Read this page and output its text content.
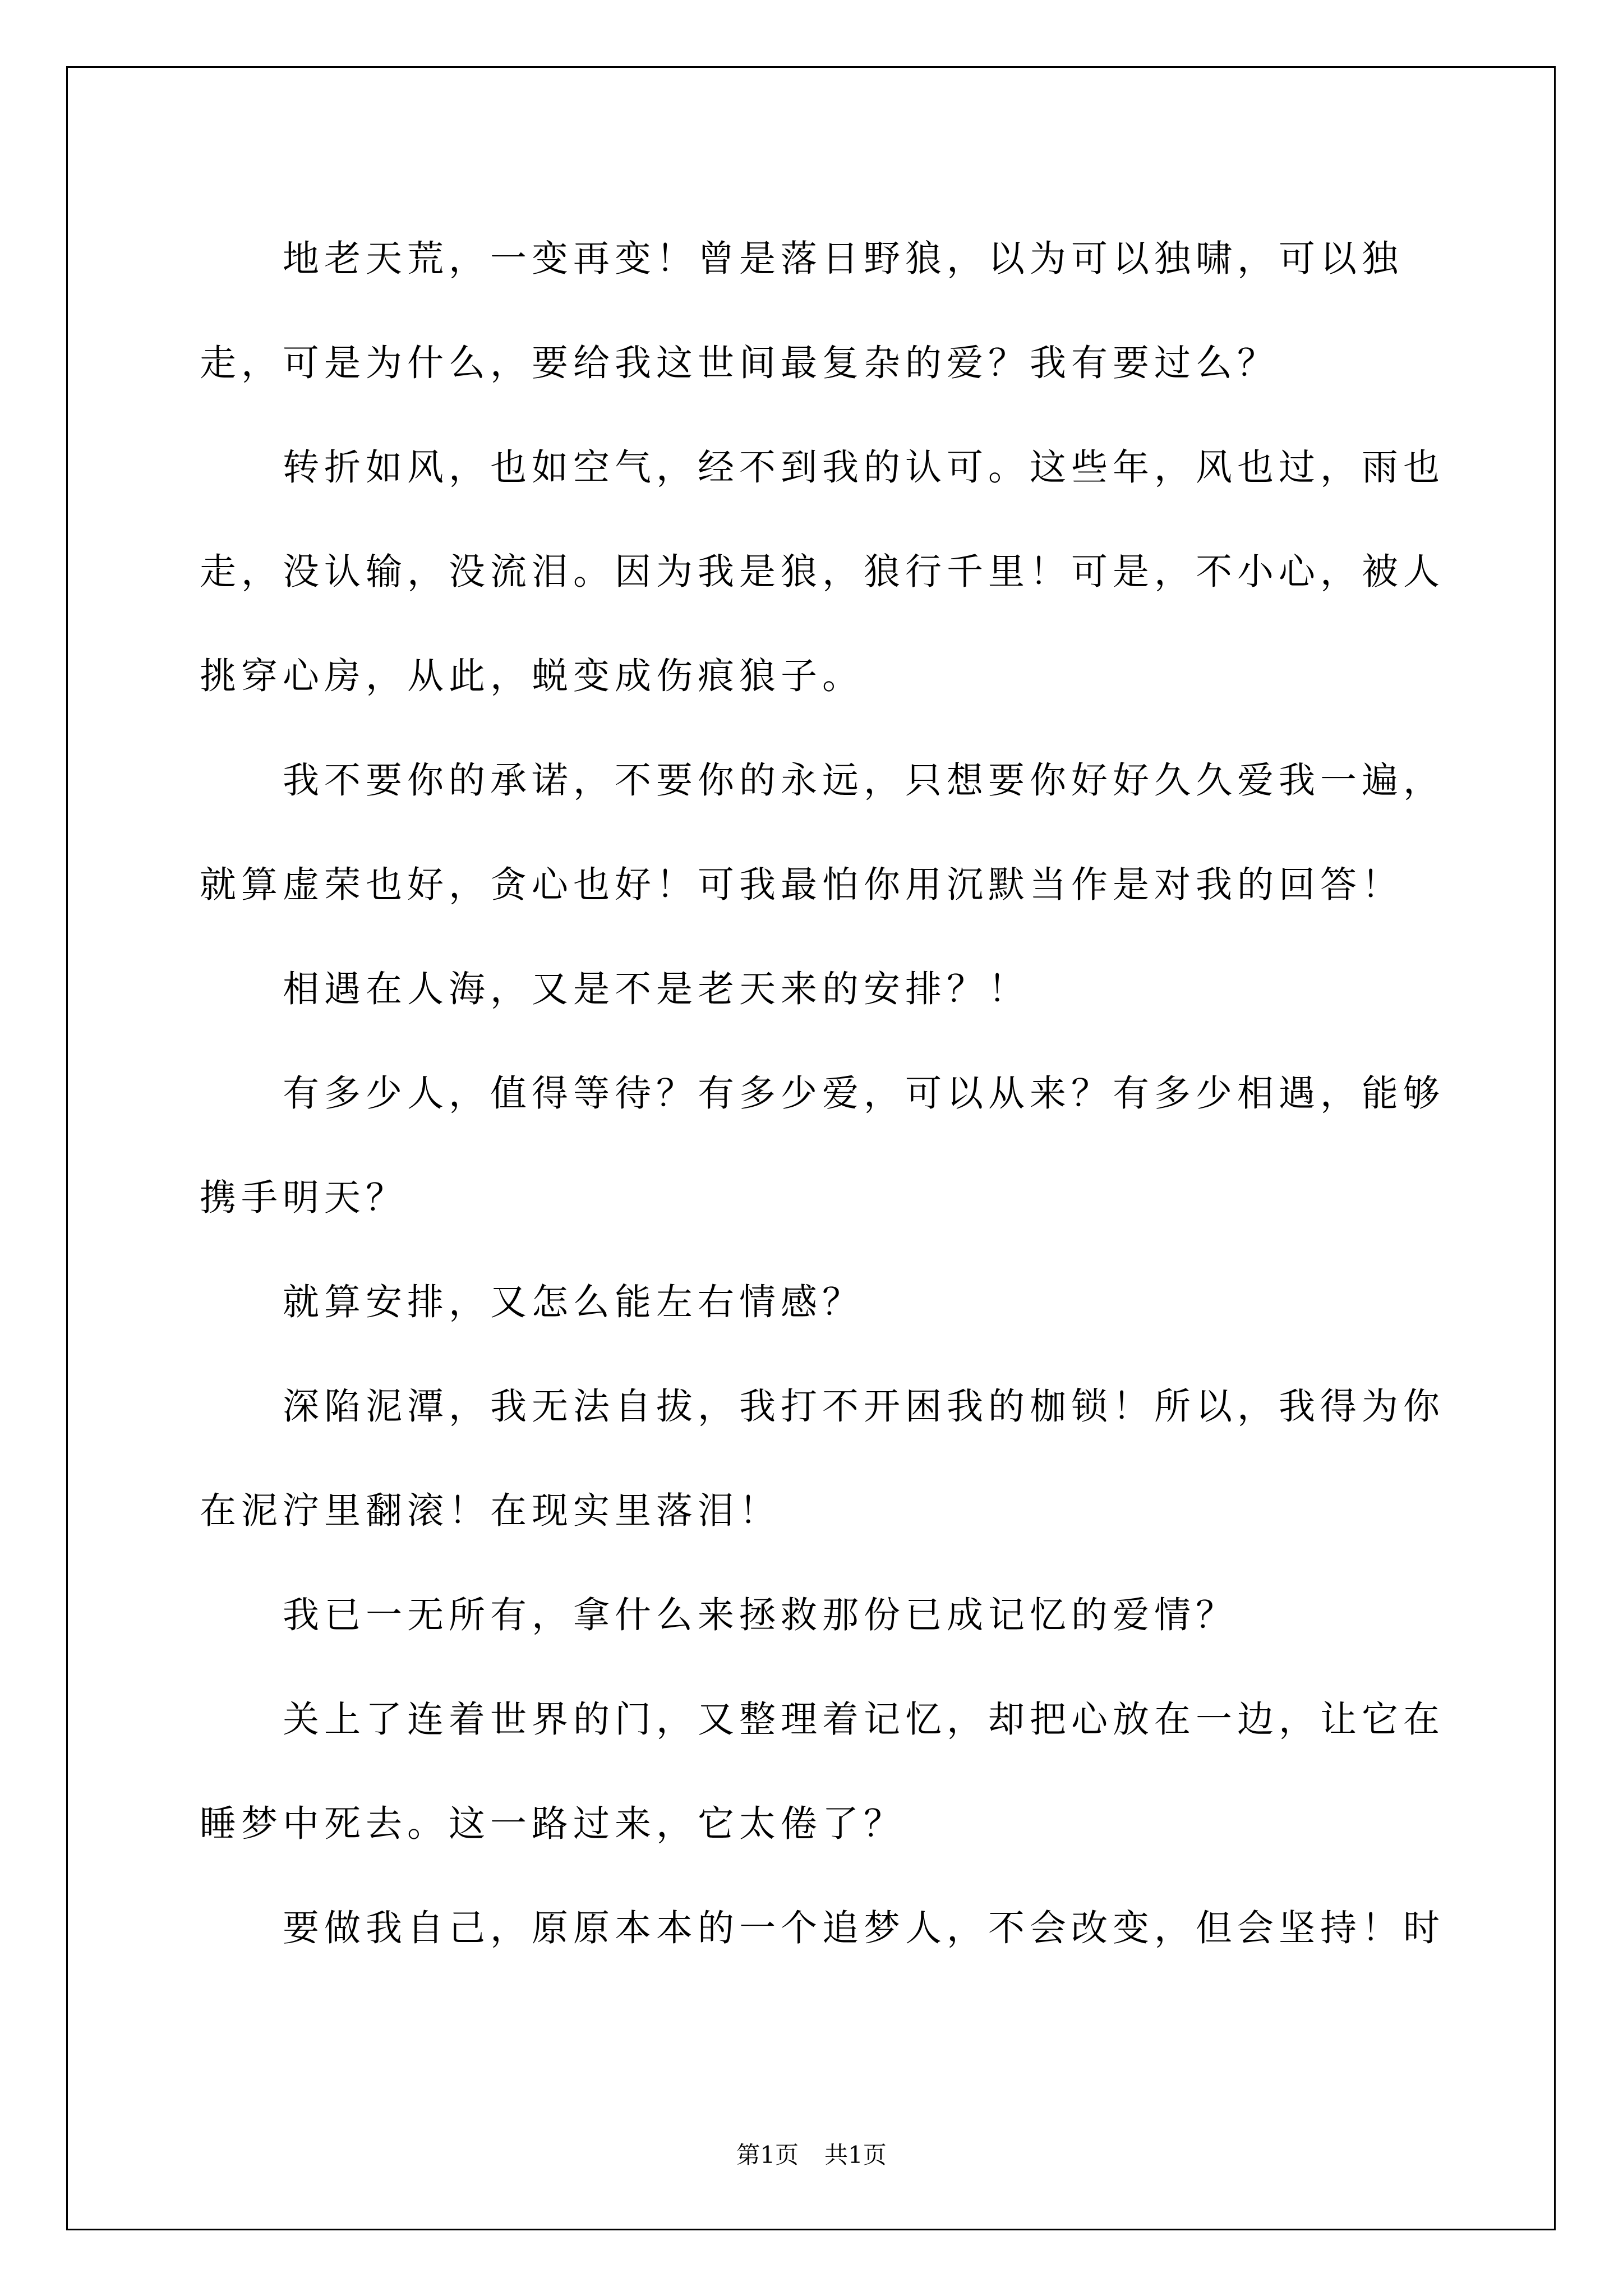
地老天荒，一变再变！曾是落日野狼，以为可以独啸，可以独走，可是为什么，要给我这世间最复杂的爱？我有要过么？

转折如风，也如空气，经不到我的认可。这些年，风也过，雨也走，没认输，没流泪。因为我是狼，狼行千里！可是，不小心，被人挑穿心房，从此，蜕变成伤痕狼子。

我不要你的承诺，不要你的永远，只想要你好好久久爱我一遍，就算虚荣也好，贪心也好！可我最怕你用沉默当作是对我的回答！

相遇在人海，又是不是老天来的安排？！

有多少人，值得等待？有多少爱，可以从来？有多少相遇，能够携手明天？

就算安排，又怎么能左右情感？

深陷泥潭，我无法自拔，我打不开困我的枷锁！所以，我得为你在泥泞里翻滚！在现实里落泪！

我已一无所有，拿什么来拯救那份已成记忆的爱情？

关上了连着世界的门，又整理着记忆，却把心放在一边，让它在睡梦中死去。这一路过来，它太倦了？

要做我自己，原原本本的一个追梦人，不会改变，但会坚持！时

第1页 共1页
